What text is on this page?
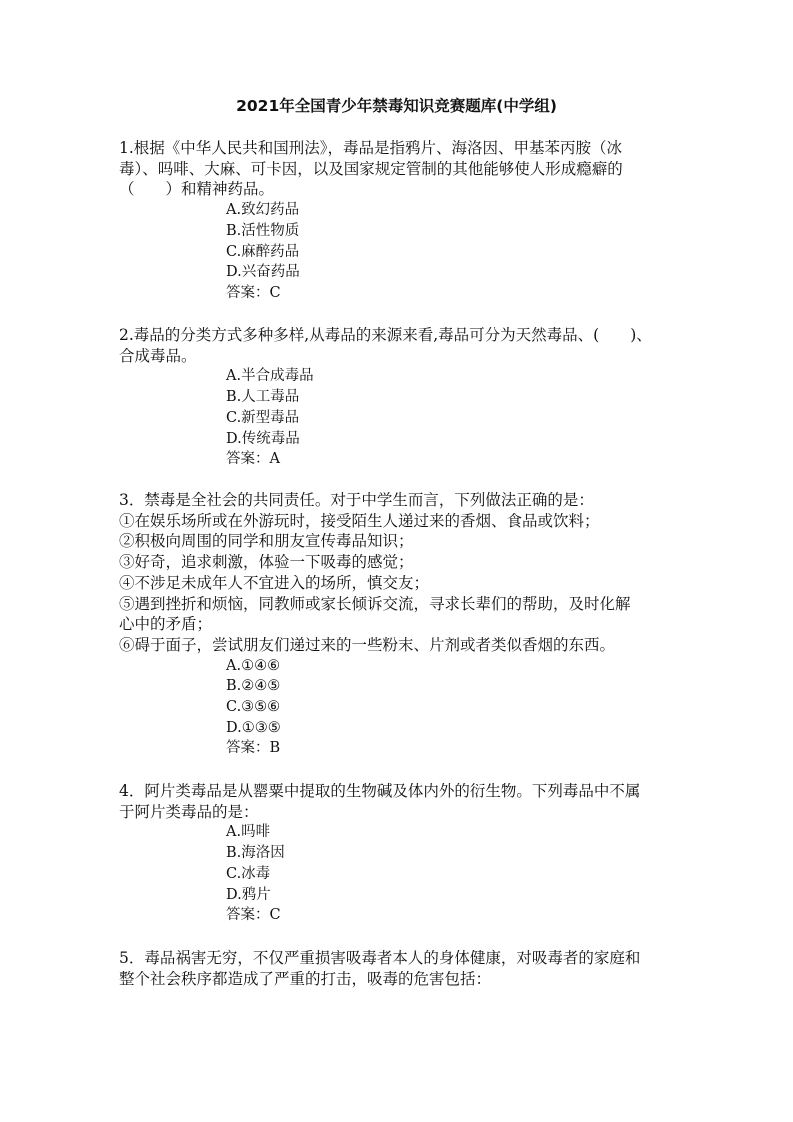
2021年全国青少年禁毒知识竞赛题库(中学组)
1.根据《中华人民共和国刑法》，毒品是指鸦片、海洛因、甲基苯丙胺（冰
毒）、吗啡、大麻、可卡因，以及国家规定管制的其他能够使人形成瘾癖的
（　　）和精神药品。
A.致幻药品
B.活性物质
C.麻醉药品
D.兴奋药品
答案：C
2.毒品的分类方式多种多样,从毒品的来源来看,毒品可分为天然毒品、(　　)、
合成毒品。
A.半合成毒品
B.人工毒品
C.新型毒品
D.传统毒品
答案：A
3．禁毒是全社会的共同责任。对于中学生而言，下列做法正确的是：
①在娱乐场所或在外游玩时，接受陌生人递过来的香烟、食品或饮料；
②积极向周围的同学和朋友宣传毒品知识；
③好奇，追求刺激，体验一下吸毒的感觉；
④不涉足未成年人不宜进入的场所，慎交友；
⑤遇到挫折和烦恼，同教师或家长倾诉交流，寻求长辈们的帮助，及时化解
心中的矛盾；
⑥碍于面子，尝试朋友们递过来的一些粉末、片剂或者类似香烟的东西。
A.①④⑥
B.②④⑤
C.③⑤⑥
D.①③⑤
答案：B
4．阿片类毒品是从罂粟中提取的生物碱及体内外的衍生物。下列毒品中不属
于阿片类毒品的是：
A.吗啡
B.海洛因
C.冰毒
D.鸦片
答案：C
5．毒品祸害无穷，不仅严重损害吸毒者本人的身体健康，对吸毒者的家庭和
整个社会秩序都造成了严重的打击，吸毒的危害包括：
